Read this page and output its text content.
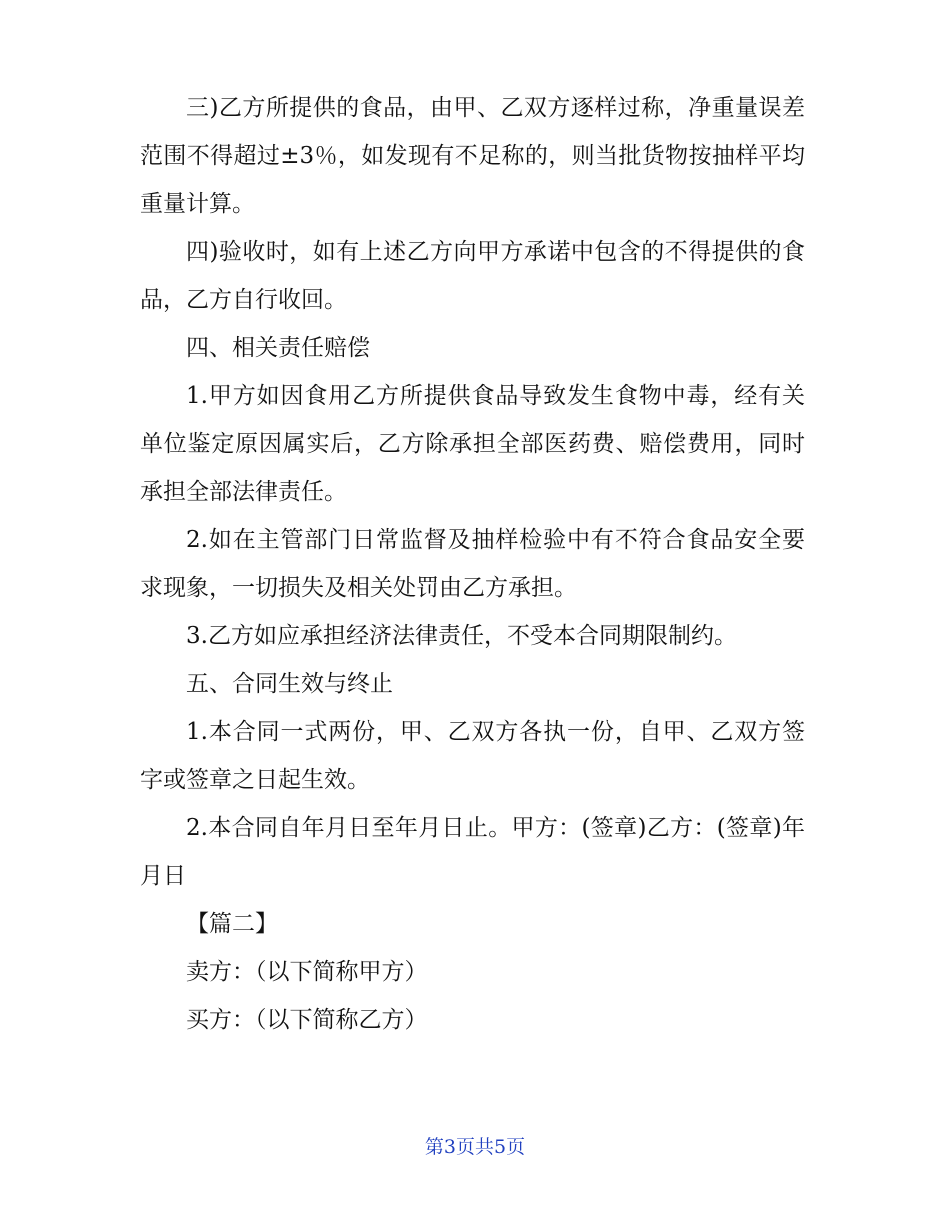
三)乙方所提供的食品，由甲、乙双方逐样过称，净重量误差范围不得超过±3％，如发现有不足称的，则当批货物按抽样平均重量计算。

四)验收时，如有上述乙方向甲方承诺中包含的不得提供的食品，乙方自行收回。

四、相关责任赔偿

1.甲方如因食用乙方所提供食品导致发生食物中毒，经有关单位鉴定原因属实后，乙方除承担全部医药费、赔偿费用，同时承担全部法律责任。

2.如在主管部门日常监督及抽样检验中有不符合食品安全要求现象，一切损失及相关处罚由乙方承担。

3.乙方如应承担经济法律责任，不受本合同期限制约。

五、合同生效与终止

1.本合同一式两份，甲、乙双方各执一份，自甲、乙双方签字或签章之日起生效。

2.本合同自年月日至年月日止。甲方：(签章)乙方：(签章)年月日

【篇二】

卖方：（以下简称甲方）

买方：（以下简称乙方）

第3页共5页
